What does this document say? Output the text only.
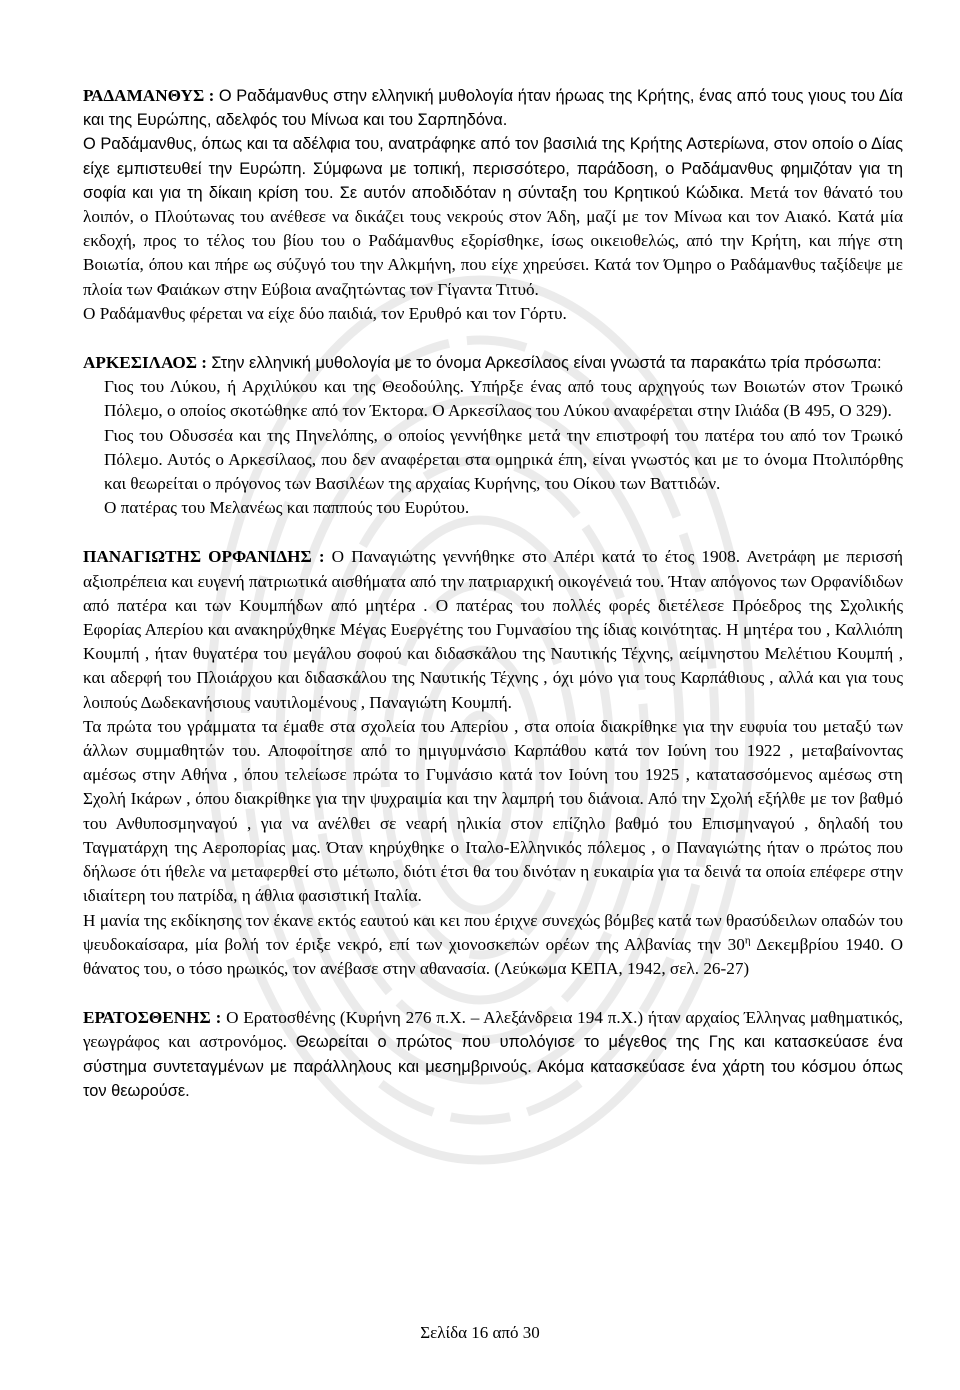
ΡΑΔΑΜΑΝΘΥΣ : Ο Ραδάμανθυς στην ελληνική μυθολογία ήταν ήρωας της Κρήτης, ένας από τους γιους του Δία και της Ευρώπης, αδελφός του Μίνωα και του Σαρπηδόνα.

Ο Ραδάμανθυς, όπως και τα αδέλφια του, ανατράφηκε από τον βασιλιά της Κρήτης Αστερίωνα, στον οποίο ο Δίας είχε εμπιστευθεί την Ευρώπη. Σύμφωνα με τοπική, περισσότερο, παράδοση, ο Ραδάμανθυς φημιζόταν για τη σοφία και για τη δίκαιη κρίση του. Σε αυτόν αποδιδόταν η σύνταξη του Κρητικού Κώδικα. Μετά τον θάνατό του λοιπόν, ο Πλούτωνας του ανέθεσε να δικάζει τους νεκρούς στον Άδη, μαζί με τον Μίνωα και τον Αιακό. Κατά μία εκδοχή, προς το τέλος του βίου του ο Ραδάμανθυς εξορίσθηκε, ίσως οικειοθελώς, από την Κρήτη, και πήγε στη Βοιωτία, όπου και πήρε ως σύζυγό του την Αλκμήνη, που είχε χηρεύσει. Κατά τον Όμηρο ο Ραδάμανθυς ταξίδεψε με πλοία των Φαιάκων στην Εύβοια αναζητώντας τον Γίγαντα Τιτυό.

Ο Ραδάμανθυς φέρεται να είχε δύο παιδιά, τον Ερυθρό και τον Γόρτυ.

ΑΡΚΕΣΙΛΑΟΣ : Στην ελληνική μυθολογία με το όνομα Αρκεσίλαος είναι γνωστά τα παρακάτω τρία πρόσωπα:

Γιος του Λύκου, ή Αρχιλύκου και της Θεοδούλης. Υπήρξε ένας από τους αρχηγούς των Βοιωτών στον Τρωικό Πόλεμο, ο οποίος σκοτώθηκε από τον Έκτορα. Ο Αρκεσίλαος του Λύκου αναφέρεται στην Ιλιάδα (Β 495, Ο 329).

Γιος του Οδυσσέα και της Πηνελόπης, ο οποίος γεννήθηκε μετά την επιστροφή του πατέρα του από τον Τρωικό Πόλεμο. Αυτός ο Αρκεσίλαος, που δεν αναφέρεται στα ομηρικά έπη, είναι γνωστός και με το όνομα Πτολιπόρθης και θεωρείται ο πρόγονος των Βασιλέων της αρχαίας Κυρήνης, του Οίκου των Βαττιδών.

Ο πατέρας του Μελανέως και παππούς του Ευρύτου.

ΠΑΝΑΓΙΩΤΗΣ ΟΡΦΑΝΙΔΗΣ : Ο Παναγιώτης γεννήθηκε στο Απέρι κατά το έτος 1908. Ανετράφη με περισσή αξιοπρέπεια και ευγενή πατριωτικά αισθήματα από την πατριαρχική οικογένειά του. Ήταν απόγονος των Ορφανίδιδων από πατέρα και των Κουμπήδων από μητέρα . Ο πατέρας του πολλές φορές διετέλεσε Πρόεδρος της Σχολικής Εφορίας Απερίου και ανακηρύχθηκε Μέγας Ευεργέτης του Γυμνασίου της ίδιας κοινότητας. Η μητέρα του , Καλλιόπη Κουμπή , ήταν θυγατέρα του μεγάλου σοφού και διδασκάλου της Ναυτικής Τέχνης, αείμνηστου Μελέτιου Κουμπή , και αδερφή του Πλοιάρχου και διδασκάλου της Ναυτικής Τέχνης , όχι μόνο για τους Καρπάθιους , αλλά και για τους λοιπούς Δωδεκανήσιους ναυτιλομένους , Παναγιώτη Κουμπή.

Τα πρώτα του γράμματα τα έμαθε στα σχολεία του Απερίου , στα οποία διακρίθηκε για την ευφυία του μεταξύ των άλλων συμμαθητών του. Αποφοίτησε από το ημιγυμνάσιο Καρπάθου κατά τον Ιούνη του 1922 , μεταβαίνοντας αμέσως στην Αθήνα , όπου τελείωσε πρώτα το Γυμνάσιο κατά τον Ιούνη του 1925 , κατατασσόμενος αμέσως στη Σχολή Ικάρων , όπου διακρίθηκε για την ψυχραιμία και την λαμπρή του διάνοια. Από την Σχολή εξήλθε με τον βαθμό του Ανθυποσμηναγού , για να ανέλθει σε νεαρή ηλικία στον επίζηλο βαθμό του Επισμηναγού , δηλαδή του Ταγματάρχη της Αεροπορίας μας. Όταν κηρύχθηκε ο Ιταλο-Ελληνικός πόλεμος , ο Παναγιώτης ήταν ο πρώτος που δήλωσε ότι ήθελε να μεταφερθεί στο μέτωπο, διότι έτσι θα του δινόταν η ευκαιρία για τα δεινά τα οποία επέφερε στην ιδιαίτερη του πατρίδα, η άθλια φασιστική Ιταλία.

Η μανία της εκδίκησης τον έκανε εκτός εαυτού και κει που έριχνε συνεχώς βόμβες κατά των θρασύδειλων οπαδών του ψευδοκαίσαρα, μία βολή τον έριξε νεκρό, επί των χιονοσκεπών ορέων της Αλβανίας την $30^\eta$ Δεκεμβρίου 1940. Ο θάνατος του, ο τόσο ηρωικός, τον ανέβασε στην αθανασία. (Λεύκωμα ΚΕΠΑ, 1942, σελ. 26-27)

ΕΡΑΤΟΣΘΕΝΗΣ : Ο Ερατοσθένης (Κυρήνη 276 π.Χ. – Αλεξάνδρεια 194 π.Χ.) ήταν αρχαίος Έλληνας μαθηματικός, γεωγράφος και αστρονόμος. Θεωρείται ο πρώτος που υπολόγισε το μέγεθος της Γης και κατασκεύασε ένα σύστημα συντεταγμένων με παράλληλους και μεσημβρινούς. Ακόμα κατασκεύασε ένα χάρτη του κόσμου όπως τον θεωρούσε.

Σελίδα 16 από 30
